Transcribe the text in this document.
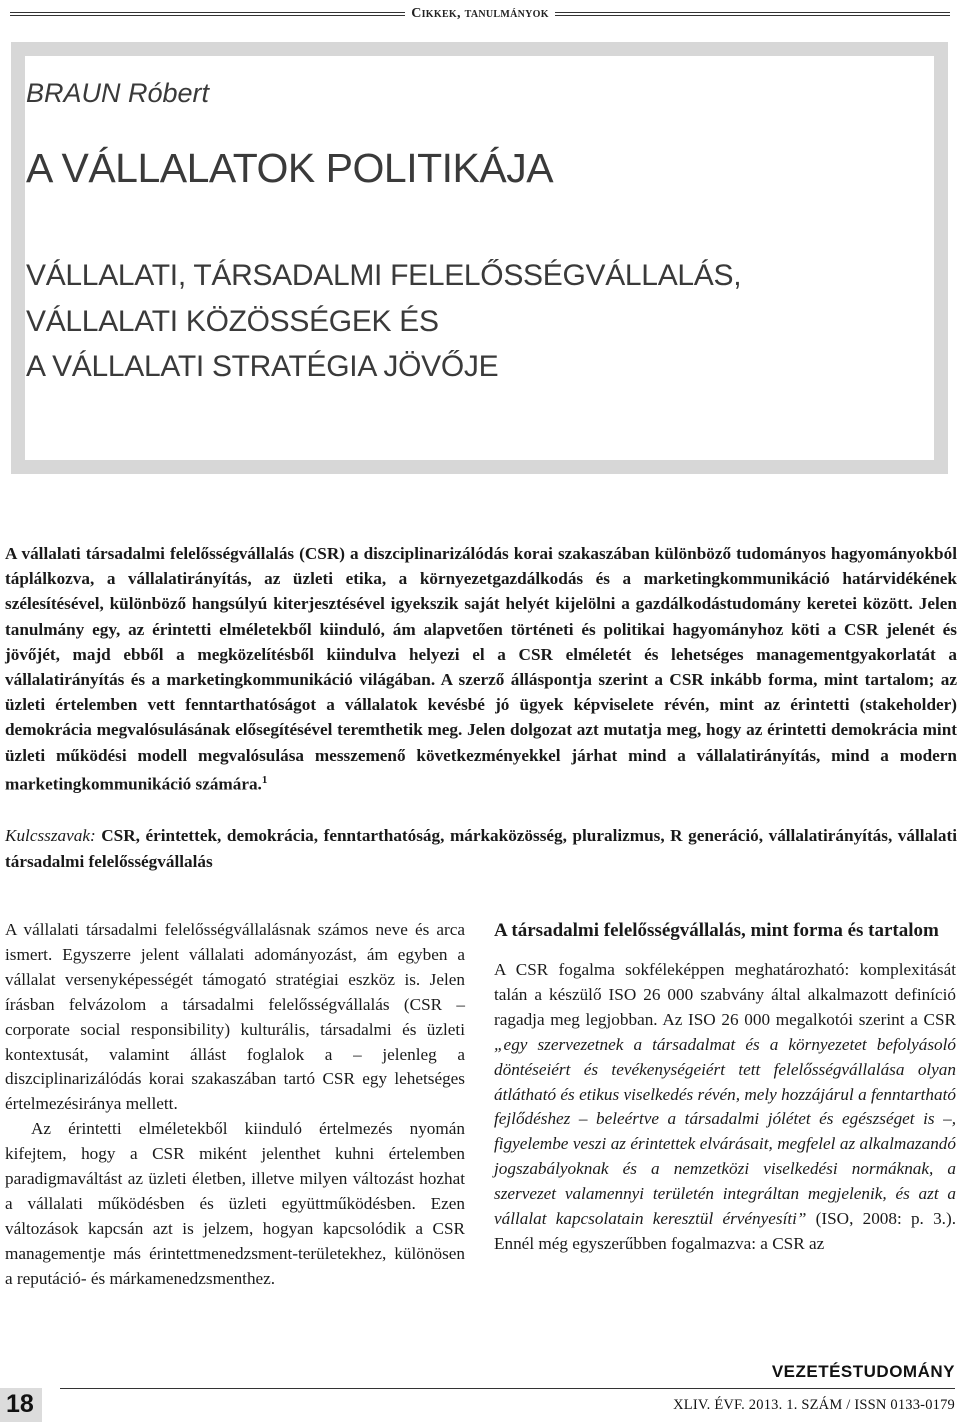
Cikkek, tanulmányok
BRAUN Róbert
A VÁLLALATOK POLITIKÁJA
VÁLLALATI, TÁRSADALMI FELELŐSSÉGVÁLLALÁS,
VÁLLALATI KÖZÖSSÉGEK ÉS
A VÁLLALATI STRATÉGIA JÖVŐJE
A vállalati társadalmi felelősségvállalás (CSR) a diszciplinarizálódás korai szakaszában különböző tudományos hagyományokból táplálkozva, a vállalatirányítás, az üzleti etika, a környezetgazdálkodás és a marketingkommunikáció határvidékének szélesítésével, különböző hangsúlyú kiterjesztésével igyekszik saját helyét kijelölni a gazdálkodástudomány keretei között. Jelen tanulmány egy, az érintetti elméletekből kiinduló, ám alapvetően történeti és politikai hagyományhoz köti a CSR jelenét és jövőjét, majd ebből a megközelítésből kiindulva helyezi el a CSR elméletét és lehetséges managementgyakorlatát a vállalatirányítás és a marketingkommunikáció világában. A szerző álláspontja szerint a CSR inkább forma, mint tartalom; az üzleti értelemben vett fenntarthatóságot a vállalatok kevésbé jó ügyek képviselete révén, mint az érintetti (stakeholder) demokrácia megvalósulásának elősegítésével teremthetik meg. Jelen dolgozat azt mutatja meg, hogy az érintetti demokrácia mint üzleti működési modell megvalósulása messzemenő következményekkel járhat mind a vállalatirányítás, mind a modern marketingkommunikáció számára.$^1$
Kulcsszavak: CSR, érintettek, demokrácia, fenntarthatóság, márkaközösség, pluralizmus, R generáció, vállalatirányítás, vállalati társadalmi felelősségvállalás

A vállalati társadalmi felelősségvállalásnak számos neve és arca ismert. Egyszerre jelent vállalati adományozást, ám egyben a vállalat versenyképességét támogató stratégiai eszköz is. Jelen írásban felvázolom a társadalmi felelősségvállalás (CSR – corporate social responsibility) kulturális, társadalmi és üzleti kontextusát, valamint állást foglalok a – jelenleg a diszciplinarizálódás korai szakaszában tartó CSR egy lehetséges értelmezésiránya mellett.

Az érintetti elméletekből kiinduló értelmezés nyomán kifejtem, hogy a CSR miként jelenthet kuhni értelemben paradigmaváltást az üzleti életben, illetve milyen változást hozhat a vállalati működésben és üzleti együttműködésben. Ezen változások kapcsán azt is jelzem, hogyan kapcsolódik a CSR managementje más érintettmenedzsment-területekhez, különösen a reputáció- és márkamenedzsmenthez.

A társadalmi felelősségvállalás, mint forma és tartalom

A CSR fogalma sokféleképpen meghatározható: komplexitását talán a készülő ISO 26 000 szabvány által alkalmazott definíció ragadja meg legjobban. Az ISO 26 000 megalkotói szerint a CSR „egy szervezetnek a társadalmat és a környezetet befolyásoló döntéseiért és tevékenységeiért tett felelősségvállalása olyan átlátható és etikus viselkedés révén, mely hozzájárul a fenntartható fejlődéshez – beleértve a társadalmi jólétet és egészséget is –, figyelembe veszi az érintettek elvárásait, megfelel az alkalmazandó jogszabályoknak és a nemzetközi viselkedési normáknak, a szervezet valamennyi területén integráltan megjelenik, és azt a vállalat kapcsolatain keresztül érvényesíti” (ISO, 2008: p. 3.). Ennél még egyszerűbben fogalmazva: a CSR az

18
VEZETÉSTUDOMÁNY
XLIV. ÉVF. 2013. 1. SZÁM / ISSN 0133-0179
